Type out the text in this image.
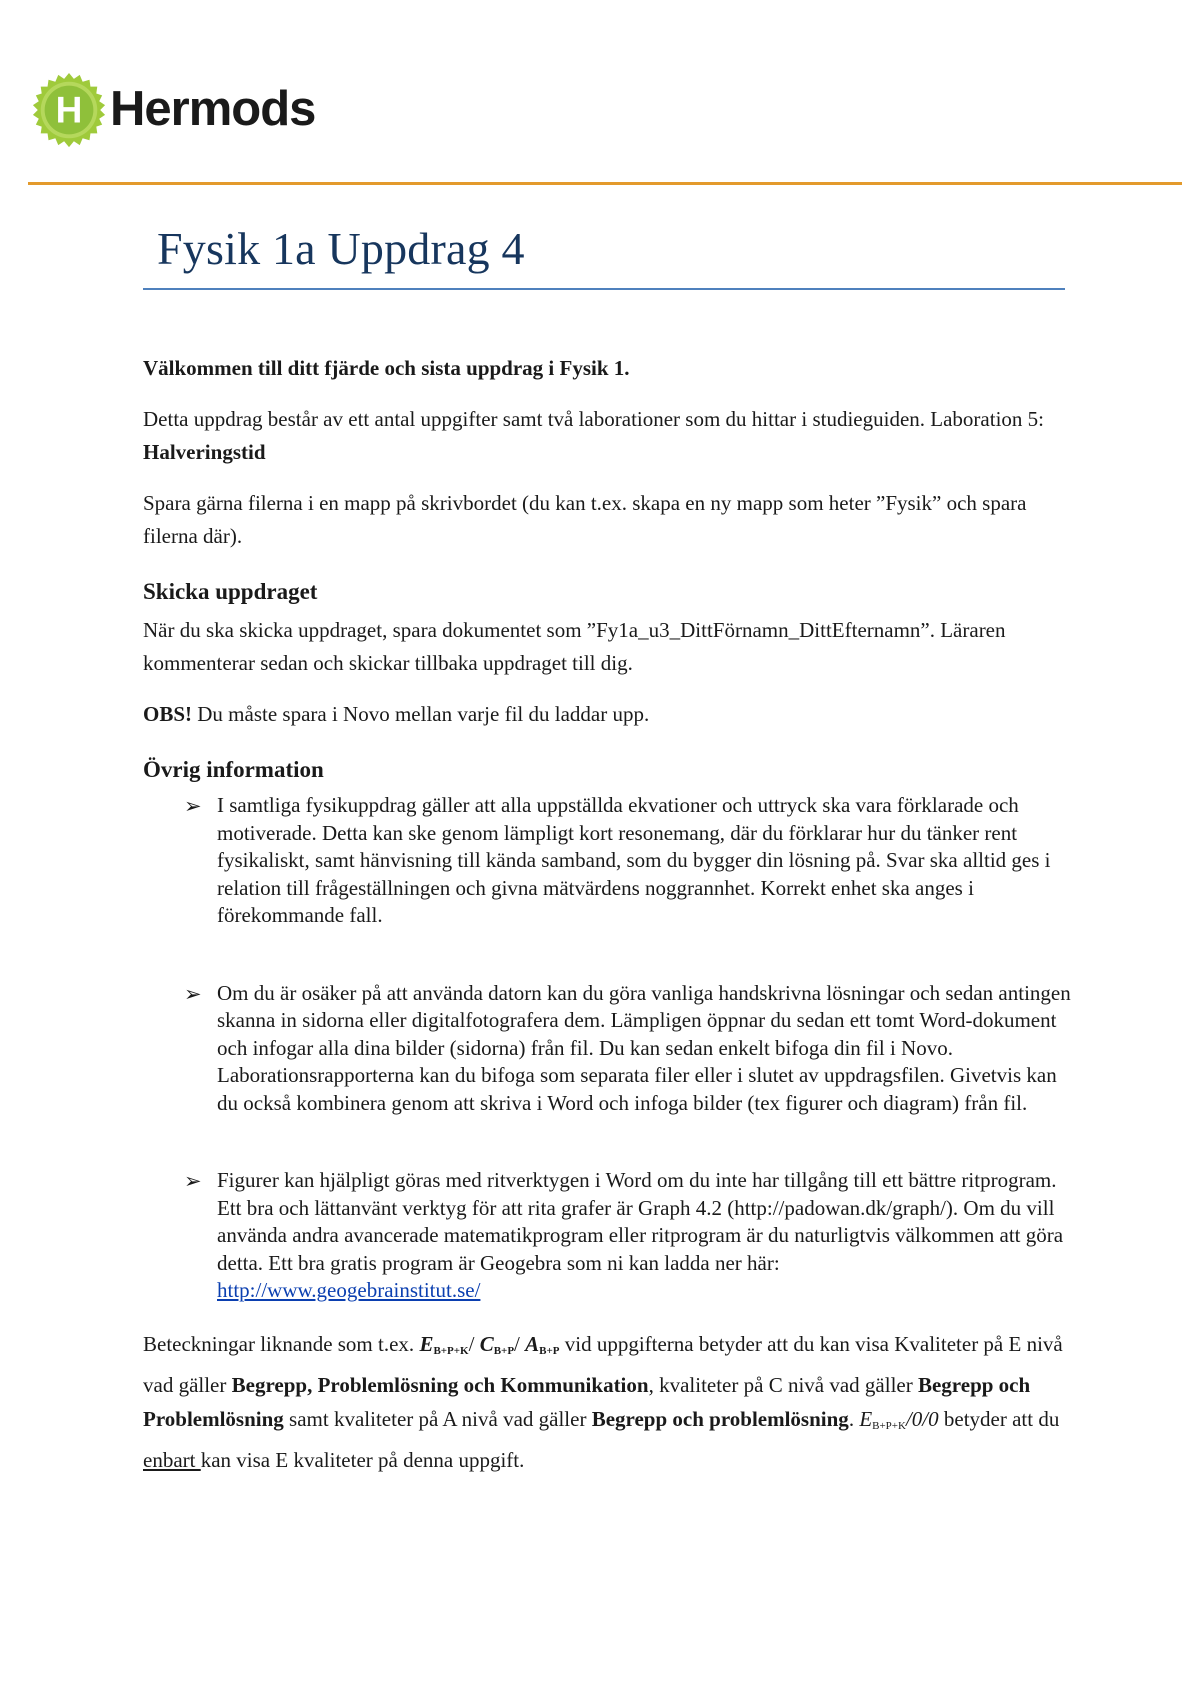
H Hermods
Fysik 1a Uppdrag 4

Välkommen till ditt fjärde och sista uppdrag i Fysik 1.

Detta uppdrag består av ett antal uppgifter samt två laborationer som du hittar i studieguiden. Laboration 5: Halveringstid

Spara gärna filerna i en mapp på skrivbordet (du kan t.ex. skapa en ny mapp som heter ”Fysik” och spara filerna där).

Skicka uppdraget

När du ska skicka uppdraget, spara dokumentet som ”Fy1a_u3_DittFörnamn_DittEfternamn”. Läraren kommenterar sedan och skickar tillbaka uppdraget till dig.

OBS! Du måste spara i Novo mellan varje fil du laddar upp.

Övrig information

➢ I samtliga fysikuppdrag gäller att alla uppställda ekvationer och uttryck ska vara förklarade och motiverade. Detta kan ske genom lämpligt kort resonemang, där du förklarar hur du tänker rent fysikaliskt, samt hänvisning till kända samband, som du bygger din lösning på. Svar ska alltid ges i relation till frågeställningen och givna mätvärdens noggrannhet. Korrekt enhet ska anges i förekommande fall.
➢ Om du är osäker på att använda datorn kan du göra vanliga handskrivna lösningar och sedan antingen skanna in sidorna eller digitalfotografera dem. Lämpligen öppnar du sedan ett tomt Word-dokument och infogar alla dina bilder (sidorna) från fil. Du kan sedan enkelt bifoga din fil i Novo. Laborationsrapporterna kan du bifoga som separata filer eller i slutet av uppdragsfilen. Givetvis kan du också kombinera genom att skriva i Word och infoga bilder (tex figurer och diagram) från fil.
➢ Figurer kan hjälpligt göras med ritverktygen i Word om du inte har tillgång till ett bättre ritprogram. Ett bra och lättanvänt verktyg för att rita grafer är Graph 4.2 (http://padowan.dk/graph/). Om du vill använda andra avancerade matematikprogram eller ritprogram är du naturligtvis välkommen att göra detta. Ett bra gratis program är Geogebra som ni kan ladda ner här:
http://www.geogebrainstitut.se/

Beteckningar liknande som t.ex. $E_{B+P+K}/$ $C_{B+P}/$ $A_{B+P}$ vid uppgifterna betyder att du kan visa Kvaliteter på E nivå vad gäller Begrepp, Problemlösning och Kommunikation, kvaliteter på C nivå vad gäller Begrepp och Problemlösning samt kvaliteter på A nivå vad gäller Begrepp och problemlösning. $E_{B+P+K}/0/0$ betyder att du enbart kan visa E kvaliteter på denna uppgift.
